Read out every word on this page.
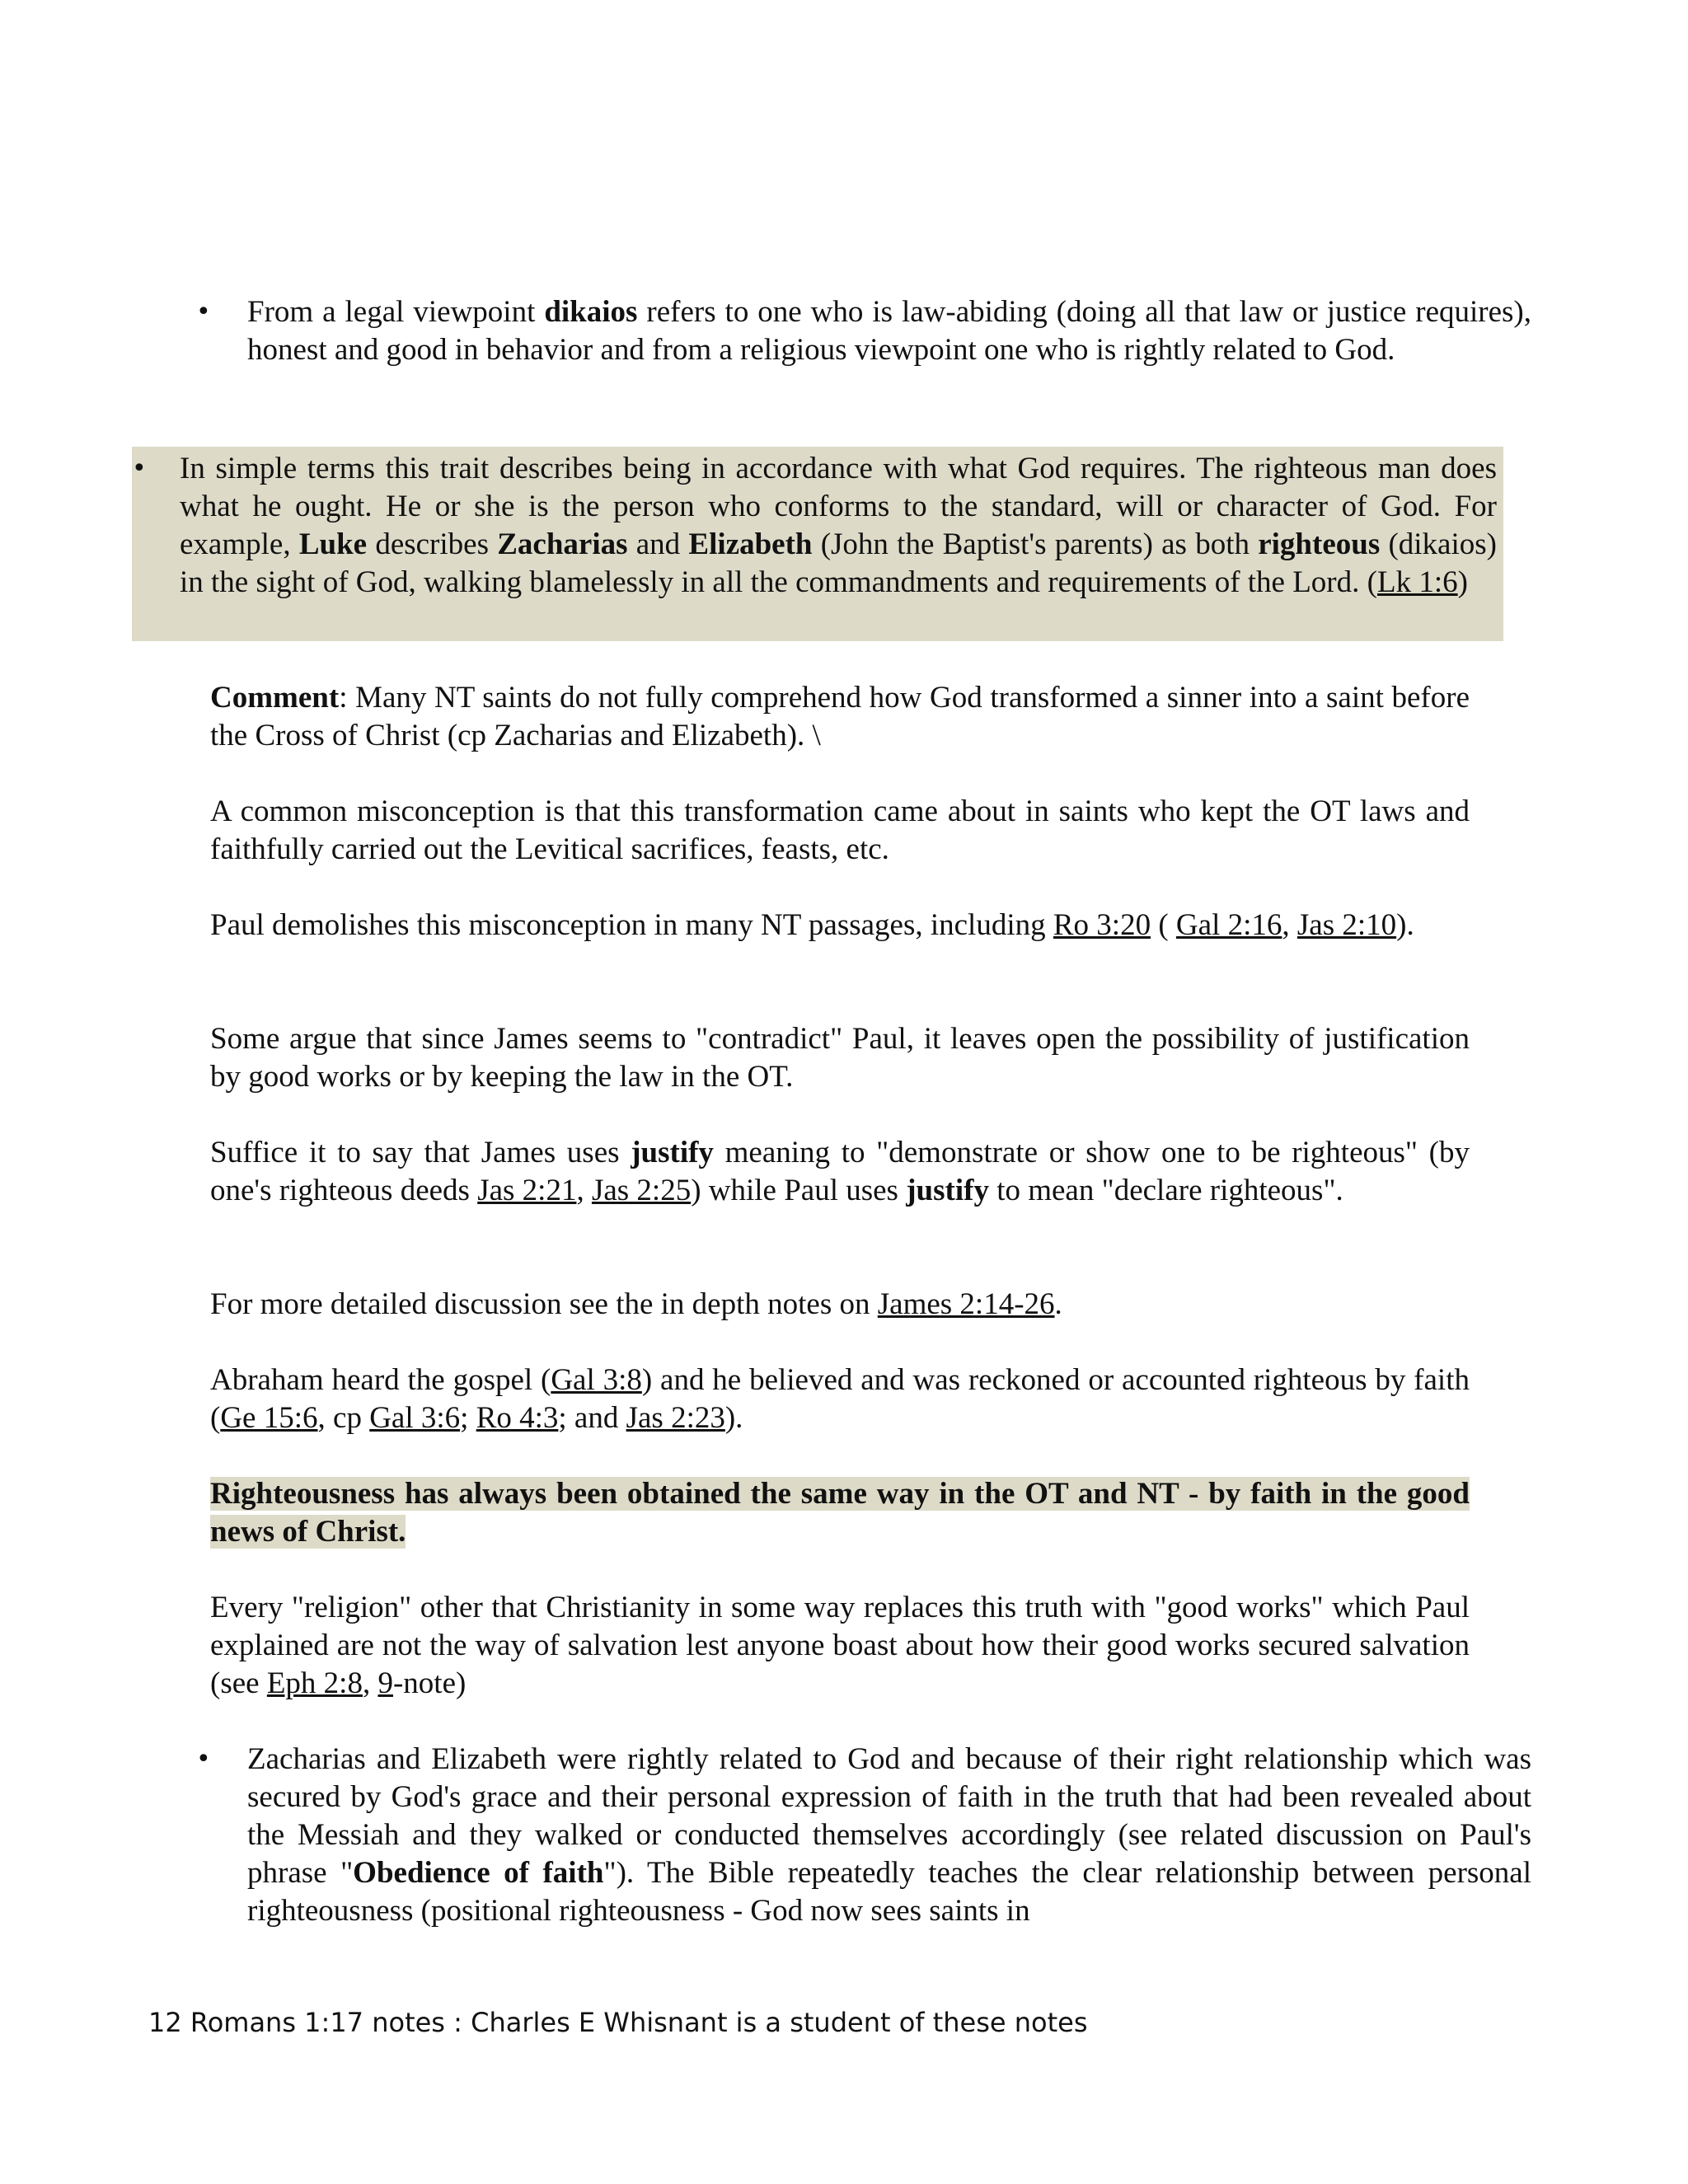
• From a legal viewpoint dikaios refers to one who is law-abiding (doing all that law or justice requires), honest and good in behavior and from a religious viewpoint one who is rightly related to God.

• In simple terms this trait describes being in accordance with what God requires. The righteous man does what he ought. He or she is the person who conforms to the standard, will or character of God. For example, Luke describes Zacharias and Elizabeth (John the Baptist's parents) as both righteous (dikaios) in the sight of God, walking blamelessly in all the commandments and requirements of the Lord. (Lk 1:6)

Comment: Many NT saints do not fully comprehend how God transformed a sinner into a saint before the Cross of Christ (cp Zacharias and Elizabeth). \

A common misconception is that this transformation came about in saints who kept the OT laws and faithfully carried out the Levitical sacrifices, feasts, etc.

Paul demolishes this misconception in many NT passages, including Ro 3:20 ( Gal 2:16, Jas 2:10).

Some argue that since James seems to "contradict" Paul, it leaves open the possibility of justification by good works or by keeping the law in the OT.

Suffice it to say that James uses justify meaning to "demonstrate or show one to be righteous" (by one's righteous deeds Jas 2:21, Jas 2:25) while Paul uses justify to mean "declare righteous".

For more detailed discussion see the in depth notes on James 2:14-26.

Abraham heard the gospel (Gal 3:8) and he believed and was reckoned or accounted righteous by faith (Ge 15:6, cp Gal 3:6; Ro 4:3; and Jas 2:23).

Righteousness has always been obtained the same way in the OT and NT - by faith in the good news of Christ.

Every "religion" other that Christianity in some way replaces this truth with "good works" which Paul explained are not the way of salvation lest anyone boast about how their good works secured salvation (see Eph 2:8, 9-note)

• Zacharias and Elizabeth were rightly related to God and because of their right relationship which was secured by God's grace and their personal expression of faith in the truth that had been revealed about the Messiah and they walked or conducted themselves accordingly (see related discussion on Paul's phrase "Obedience of faith"). The Bible repeatedly teaches the clear relationship between personal righteousness (positional righteousness - God now sees saints in

12 Romans 1:17 notes : Charles E Whisnant is a student of these notes
